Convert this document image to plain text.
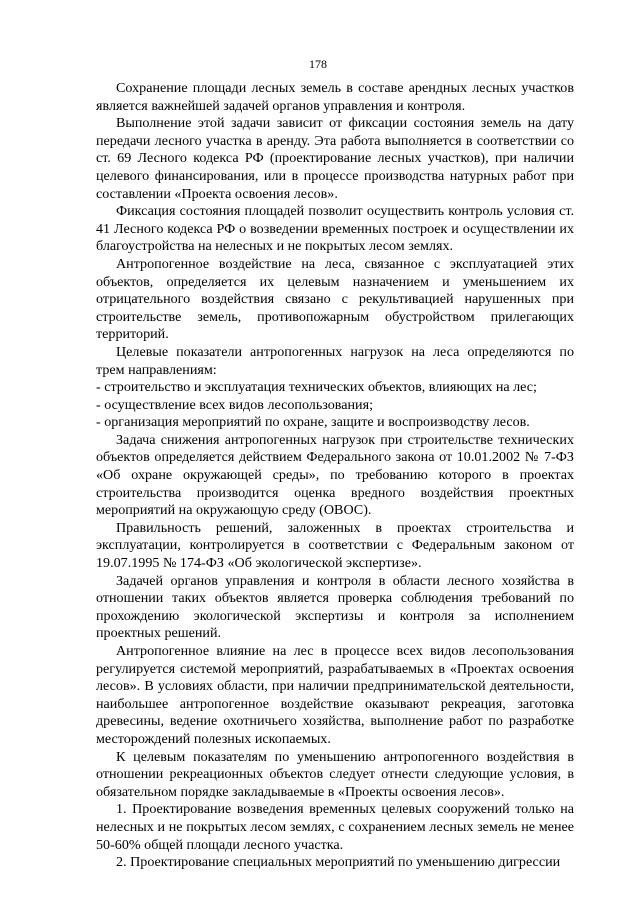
178

Сохранение площади лесных земель в составе арендных лесных участков является важнейшей задачей органов управления и контроля.

Выполнение этой задачи зависит от фиксации состояния земель на дату передачи лесного участка в аренду. Эта работа выполняется в соответствии со ст. 69 Лесного кодекса РФ (проектирование лесных участков), при наличии целевого финансирования, или в процессе производства натурных работ при составлении «Проекта освоения лесов».

Фиксация состояния площадей позволит осуществить контроль условия ст. 41 Лесного кодекса РФ о возведении временных построек и осуществлении их благоустройства на нелесных и не покрытых лесом землях.

Антропогенное воздействие на леса, связанное с эксплуатацией этих объектов, определяется их целевым назначением и уменьшением их отрицательного воздействия связано с рекультивацией нарушенных при строительстве земель, противопожарным обустройством прилегающих территорий.

Целевые показатели антропогенных нагрузок на леса определяются по трем направлениям:

- строительство и эксплуатация технических объектов, влияющих на лес;

- осуществление всех видов лесопользования;

- организация мероприятий по охране, защите и воспроизводству лесов.

Задача снижения антропогенных нагрузок при строительстве технических объектов определяется действием Федерального закона от 10.01.2002 № 7-ФЗ «Об охране окружающей среды», по требованию которого в проектах строительства производится оценка вредного воздействия проектных мероприятий на окружающую среду (ОВОС).

Правильность решений, заложенных в проектах строительства и эксплуатации, контролируется в соответствии с Федеральным законом от 19.07.1995 № 174-ФЗ «Об экологической экспертизе».

Задачей органов управления и контроля в области лесного хозяйства в отношении таких объектов является проверка соблюдения требований по прохождению экологической экспертизы и контроля за исполнением проектных решений.

Антропогенное влияние на лес в процессе всех видов лесопользования регулируется системой мероприятий, разрабатываемых в «Проектах освоения лесов». В условиях области, при наличии предпринимательской деятельности, наибольшее антропогенное воздействие оказывают рекреация, заготовка древесины, ведение охотничьего хозяйства, выполнение работ по разработке месторождений полезных ископаемых.

К целевым показателям по уменьшению антропогенного воздействия в отношении рекреационных объектов следует отнести следующие условия, в обязательном порядке закладываемые в «Проекты освоения лесов».

1. Проектирование возведения временных целевых сооружений только на нелесных и не покрытых лесом землях, с сохранением лесных земель не менее 50-60% общей площади лесного участка.

2. Проектирование специальных мероприятий по уменьшению дигрессии
